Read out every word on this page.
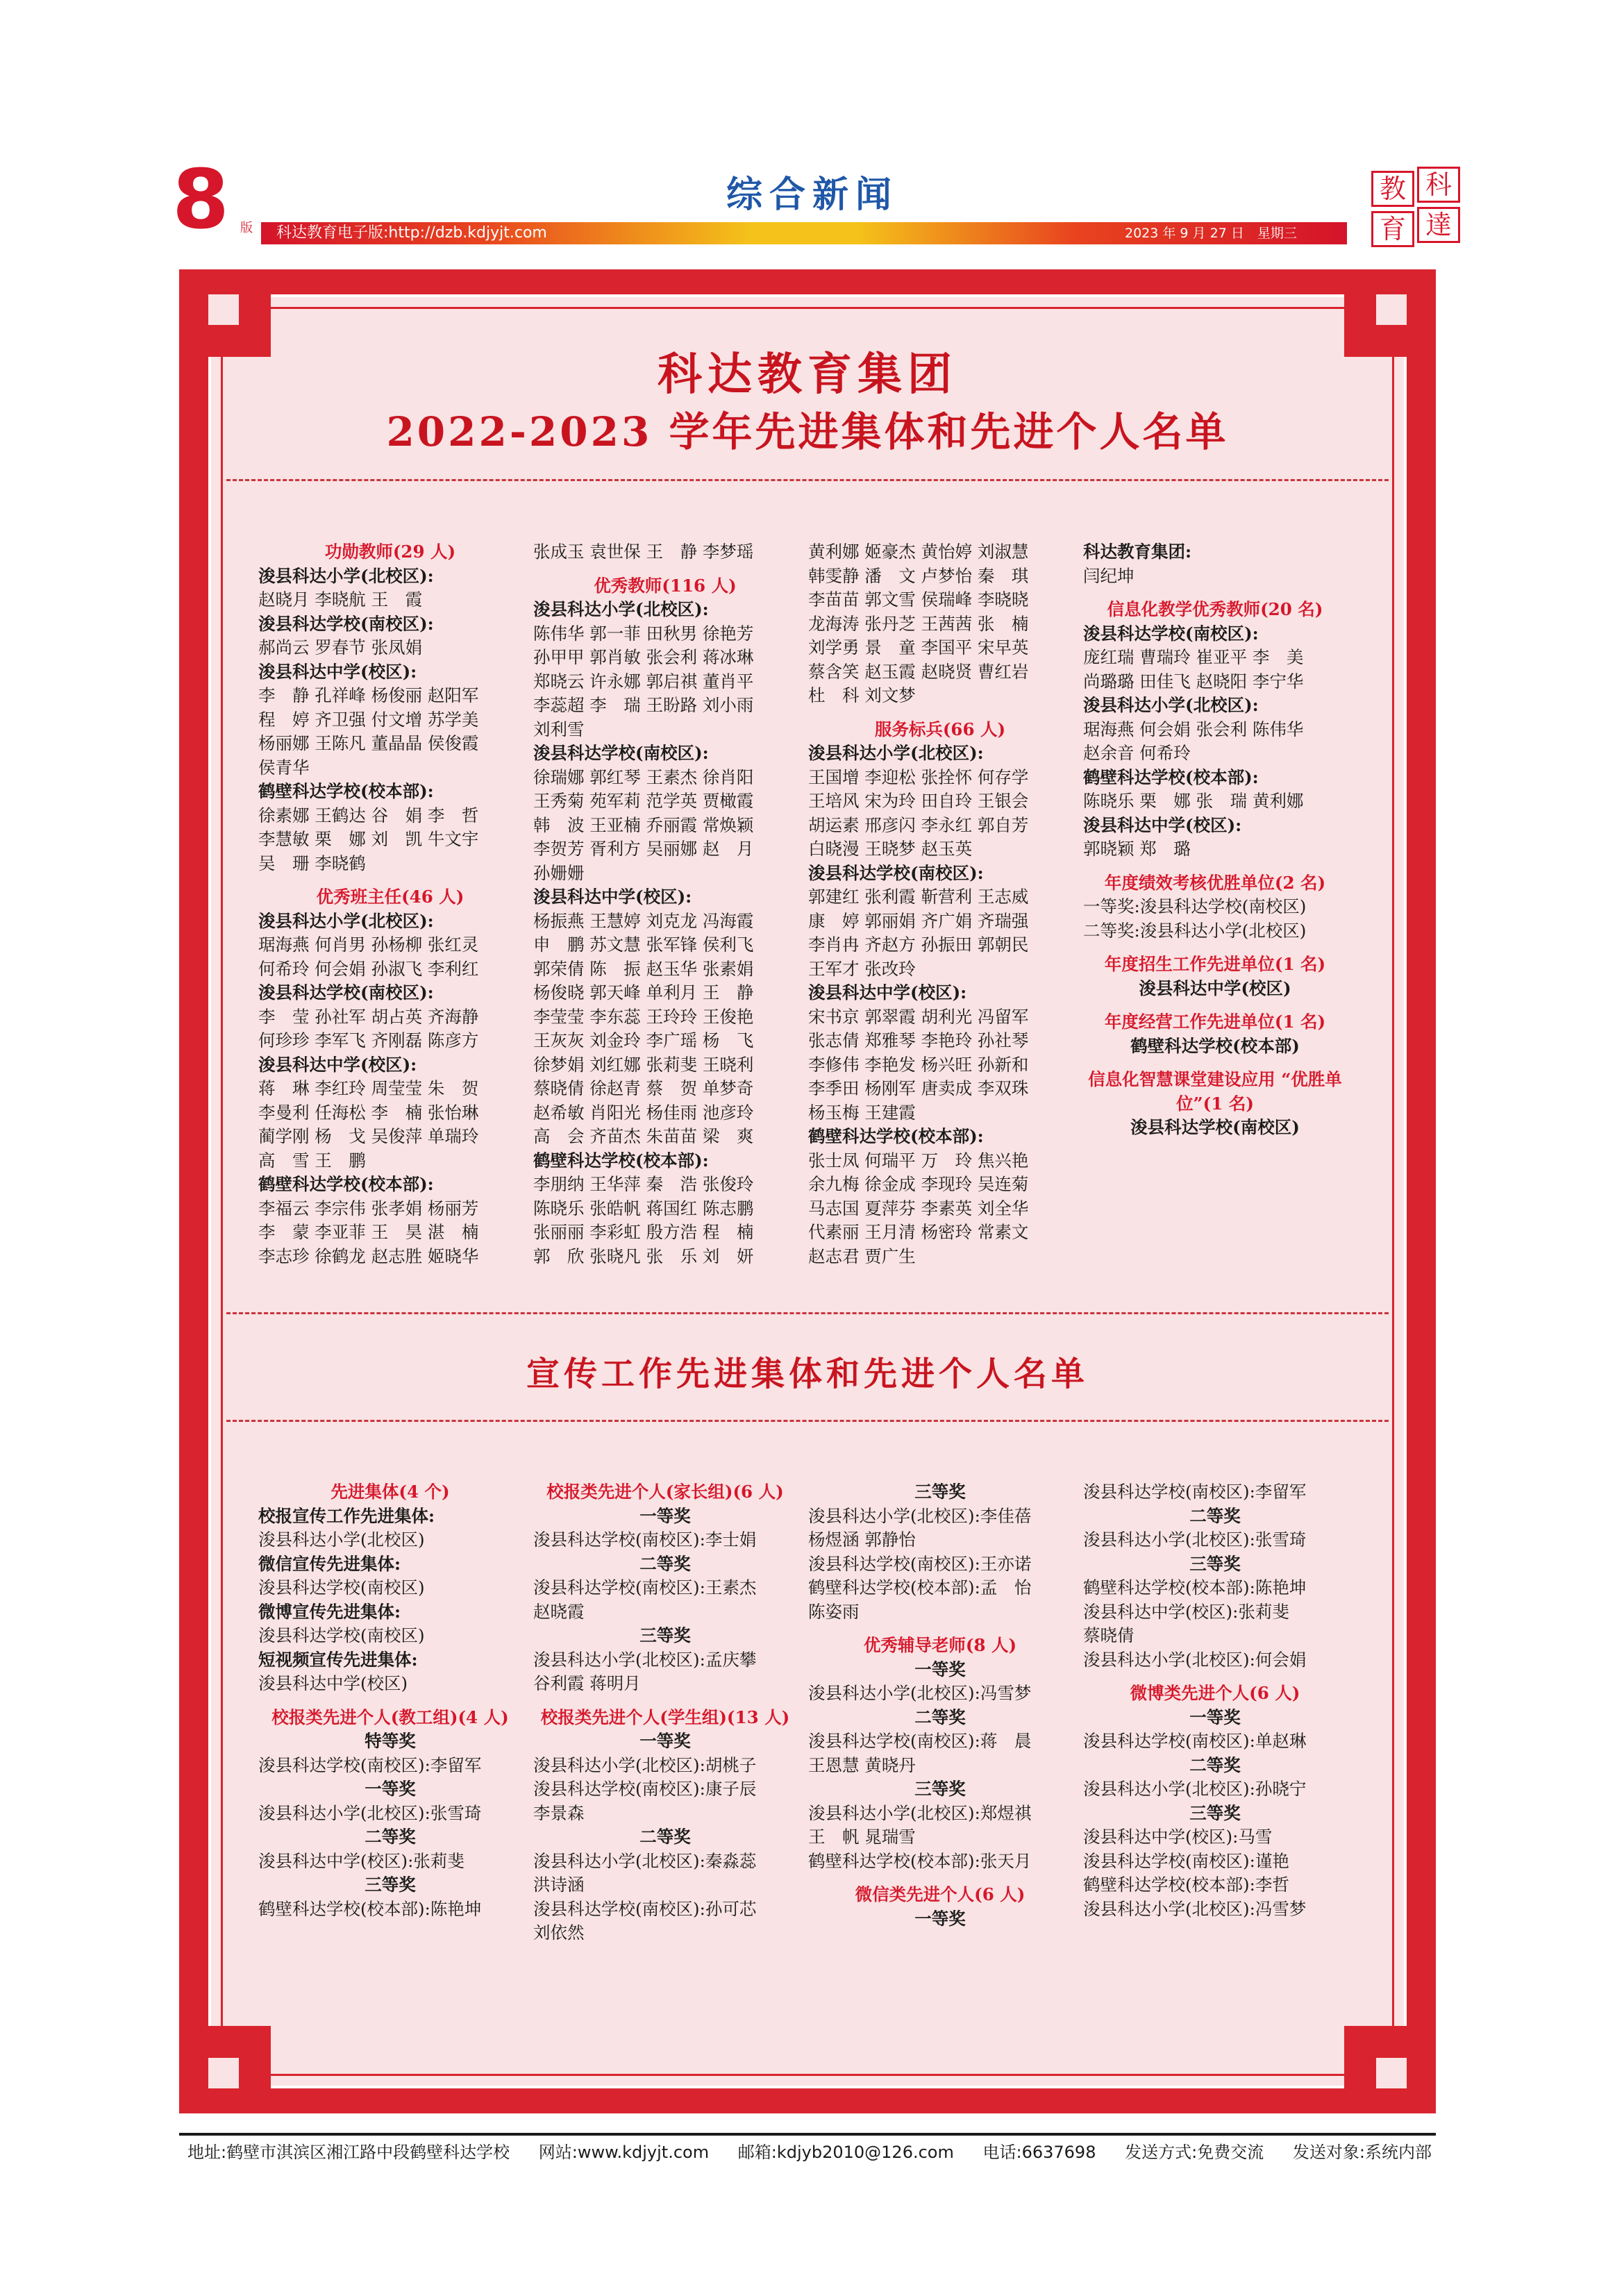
8 版
综合新闻
科达教育电子版:http://dzb.kdjyjt.com	2023 年 9 月 27 日　星期三
教 科
育 達
科达教育集团
2022-2023 学年先进集体和先进个人名单
宣传工作先进集体和先进个人名单
功勋教师(29 人)
浚县科达小学(北校区):
赵晓月 李晓航 王　霞
浚县科达学校(南校区):
郝尚云 罗春节 张凤娟
浚县科达中学(校区):
李　静 孔祥峰 杨俊丽 赵阳军
程　婷 齐卫强 付文增 苏学美
杨丽娜 王陈凡 董晶晶 侯俊霞
侯青华
鹤壁科达学校(校本部):
徐素娜 王鹤达 谷　娟 李　哲
李慧敏 栗　娜 刘　凯 牛文宇
吴　珊 李晓鹤
优秀班主任(46 人)
浚县科达小学(北校区):
琚海燕 何肖男 孙杨柳 张红灵
何希玲 何会娟 孙淑飞 李利红
浚县科达学校(南校区):
李　莹 孙社军 胡占英 齐海静
何珍珍 李军飞 齐刚磊 陈彦方
浚县科达中学(校区):
蒋　琳 李红玲 周莹莹 朱　贺
李曼利 任海松 李　楠 张怡琳
蔺学刚 杨　戈 吴俊萍 单瑞玲
高　雪 王　鹏
鹤壁科达学校(校本部):
李福云 李宗伟 张孝娟 杨丽芳
李　蒙 李亚菲 王　昊 湛　楠
李志珍 徐鹤龙 赵志胜 姬晓华
张成玉 袁世保 王　静 李梦瑶
优秀教师(116 人)
浚县科达小学(北校区):
陈伟华 郭一菲 田秋男 徐艳芳
孙甲甲 郭肖敏 张会利 蒋冰琳
郑晓云 许永娜 郭启祺 董肖平
李蕊超 李　瑞 王盼路 刘小雨
刘利雪
浚县科达学校(南校区):
徐瑞娜 郭红琴 王素杰 徐肖阳
王秀菊 苑军莉 范学英 贾橄霞
韩　波 王亚楠 乔丽霞 常焕颖
李贺芳 胥利方 吴丽娜 赵　月
孙姗姗
浚县科达中学(校区):
杨振燕 王慧婷 刘克龙 冯海霞
申　鹏 苏文慧 张军锋 侯利飞
郭荣倩 陈　振 赵玉华 张素娟
杨俊晓 郭天峰 单利月 王　静
李莹莹 李东蕊 王玲玲 王俊艳
王灰灰 刘金玲 李广瑶 杨　飞
徐梦娟 刘红娜 张莉斐 王晓利
蔡晓倩 徐赵青 蔡　贺 单梦奇
赵希敏 肖阳光 杨佳雨 池彦玲
高　会 齐苗杰 朱苗苗 梁　爽
鹤壁科达学校(校本部):
李朋纳 王华萍 秦　浩 张俊玲
陈晓乐 张皓帆 蒋国红 陈志鹏
张丽丽 李彩虹 殷方浩 程　楠
郭　欣 张晓凡 张　乐 刘　妍
黄利娜 姬豪杰 黄怡婷 刘淑慧
韩雯静 潘　文 卢梦怡 秦　琪
李苗苗 郭文雪 侯瑞峰 李晓晓
龙海涛 张丹芝 王茜茜 张　楠
刘学勇 景　童 李国平 宋早英
蔡含笑 赵玉霞 赵晓贤 曹红岩
杜　科 刘文梦
服务标兵(66 人)
浚县科达小学(北校区):
王国增 李迎松 张拴怀 何存学
王培风 宋为玲 田自玲 王银会
胡运素 邢彦闪 李永红 郭自芳
白晓漫 王晓梦 赵玉英
浚县科达学校(南校区):
郭建红 张利霞 靳营利 王志威
康　婷 郭丽娟 齐广娟 齐瑞强
李肖冉 齐赵方 孙振田 郭朝民
王军才 张改玲
浚县科达中学(校区):
宋书京 郭翠霞 胡利光 冯留军
张志倩 郑雅琴 李艳玲 孙社琴
李修伟 李艳发 杨兴旺 孙新和
李季田 杨刚军 唐卖成 李双珠
杨玉梅 王建霞
鹤壁科达学校(校本部):
张士凤 何瑞平 万　玲 焦兴艳
余九梅 徐金成 李现玲 吴连菊
马志国 夏萍芬 李素英 刘全华
代素丽 王月清 杨密玲 常素文
赵志君 贾广生
科达教育集团:
闫纪坤
信息化教学优秀教师(20 名)
浚县科达学校(南校区):
庞红瑞 曹瑞玲 崔亚平 李　美
尚璐璐 田佳飞 赵晓阳 李宁华
浚县科达小学(北校区):
琚海燕 何会娟 张会利 陈伟华
赵余音 何希玲
鹤壁科达学校(校本部):
陈晓乐 栗　娜 张　瑞 黄利娜
浚县科达中学(校区):
郭晓颖 郑　璐
年度绩效考核优胜单位(2 名)
一等奖:浚县科达学校(南校区)
二等奖:浚县科达小学(北校区)
年度招生工作先进单位(1 名)
浚县科达中学(校区)
年度经营工作先进单位(1 名)
鹤壁科达学校(校本部)
信息化智慧课堂建设应用 “优胜单位”(1 名)
浚县科达学校(南校区)
先进集体(4 个)
校报宣传工作先进集体:
浚县科达小学(北校区)
微信宣传先进集体:
浚县科达学校(南校区)
微博宣传先进集体:
浚县科达学校(南校区)
短视频宣传先进集体:
浚县科达中学(校区)
校报类先进个人(教工组)(4 人)
特等奖
浚县科达学校(南校区):李留军
一等奖
浚县科达小学(北校区):张雪琦
二等奖
浚县科达中学(校区):张莉斐
三等奖
鹤壁科达学校(校本部):陈艳坤
校报类先进个人(家长组)(6 人)
一等奖
浚县科达学校(南校区):李士娟
二等奖
浚县科达学校(南校区):王素杰
赵晓霞
三等奖
浚县科达小学(北校区):孟庆攀
谷利霞 蒋明月
校报类先进个人(学生组)(13 人)
一等奖
浚县科达小学(北校区):胡桃子
浚县科达学校(南校区):康子辰
李景森
二等奖
浚县科达小学(北校区):秦淼蕊
洪诗涵
浚县科达学校(南校区):孙可芯
刘依然
三等奖
浚县科达小学(北校区):李佳蓓
杨煜涵 郭静怡
浚县科达学校(南校区):王亦诺
鹤壁科达学校(校本部):孟　怡
陈姿雨
优秀辅导老师(8 人)
一等奖
浚县科达小学(北校区):冯雪梦
二等奖
浚县科达学校(南校区):蒋　晨
王恩慧 黄晓丹
三等奖
浚县科达小学(北校区):郑煜祺
王　帆 晁瑞雪
鹤壁科达学校(校本部):张天月
微信类先进个人(6 人)
一等奖
浚县科达学校(南校区):李留军
二等奖
浚县科达小学(北校区):张雪琦
三等奖
鹤壁科达学校(校本部):陈艳坤
浚县科达中学(校区):张莉斐
蔡晓倩
浚县科达小学(北校区):何会娟
微博类先进个人(6 人)
一等奖
浚县科达学校(南校区):单赵琳
二等奖
浚县科达小学(北校区):孙晓宁
三等奖
浚县科达中学(校区):马雪
浚县科达学校(南校区):谨艳
鹤壁科达学校(校本部):李哲
浚县科达小学(北校区):冯雪梦
地址:鹤壁市淇滨区湘江路中段鹤壁科达学校 网站:www.kdjyjt.com 邮箱:kdjyb2010@126.com 电话:6637698 发送方式:免费交流 发送对象:系统内部
